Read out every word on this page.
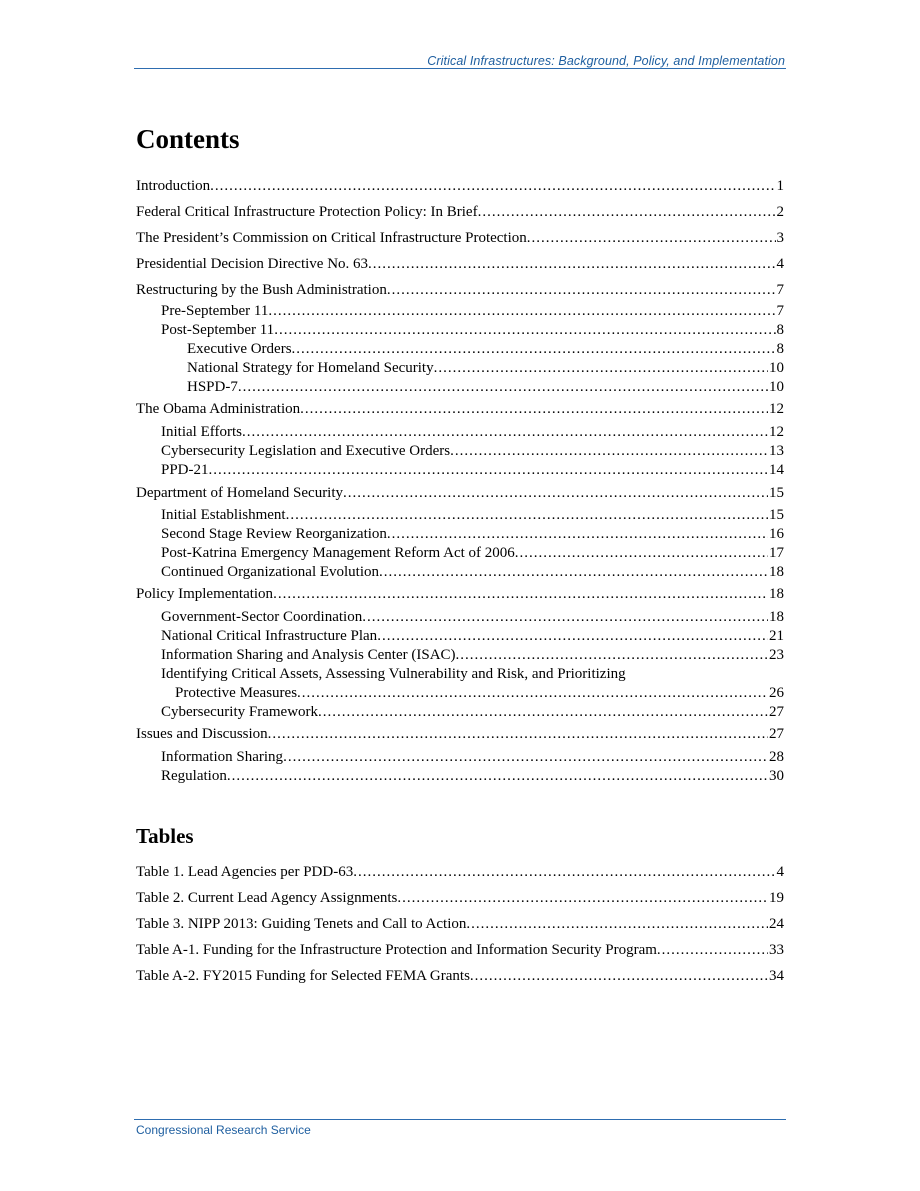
Critical Infrastructures: Background, Policy, and Implementation
Contents
Introduction .....	1
Federal Critical Infrastructure Protection Policy: In Brief .....	2
The President’s Commission on Critical Infrastructure Protection .....	3
Presidential Decision Directive No. 63 .....	4
Restructuring by the Bush Administration .....	7
Pre-September 11 .....	7
Post-September 11 .....	8
Executive Orders .....	8
National Strategy for Homeland Security .....	10
HSPD-7 .....	10
The Obama Administration .....	12
Initial Efforts .....	12
Cybersecurity Legislation and Executive Orders .....	13
PPD-21 .....	14
Department of Homeland Security .....	15
Initial Establishment .....	15
Second Stage Review Reorganization .....	16
Post-Katrina Emergency Management Reform Act of 2006 .....	17
Continued Organizational Evolution .....	18
Policy Implementation .....	18
Government-Sector Coordination .....	18
National Critical Infrastructure Plan .....	21
Information Sharing and Analysis Center (ISAC) .....	23
Identifying Critical Assets, Assessing Vulnerability and Risk, and Prioritizing
Protective Measures .....	26
Cybersecurity Framework .....	27
Issues and Discussion .....	27
Information Sharing .....	28
Regulation .....	30
Tables
Table 1. Lead Agencies per PDD-63 .....	4
Table 2. Current Lead Agency Assignments .....	19
Table 3. NIPP 2013: Guiding Tenets and Call to Action .....	24
Table A-1. Funding for the Infrastructure Protection and Information Security Program .....	33
Table A-2. FY2015 Funding for Selected FEMA Grants .....	34
Congressional Research Service
